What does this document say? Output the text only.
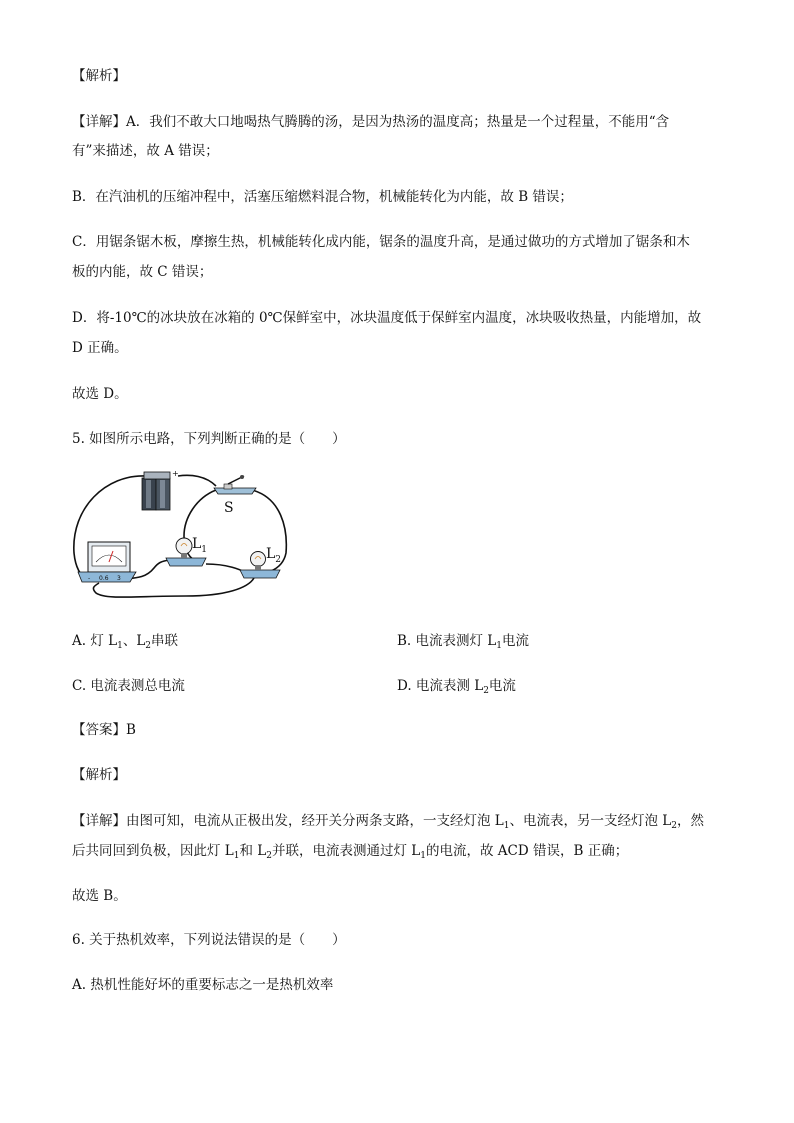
【解析】
【详解】A．我们不敢大口地喝热气腾腾的汤，是因为热汤的温度高；热量是一个过程量，不能用“含
有”来描述，故 A 错误；
B．在汽油机的压缩冲程中，活塞压缩燃料混合物，机械能转化为内能，故 B 错误；
C．用锯条锯木板，摩擦生热，机械能转化成内能，锯条的温度升高，是通过做功的方式增加了锯条和木
板的内能，故 C 错误；
D．将-10℃的冰块放在冰箱的 0℃保鲜室中，冰块温度低于保鲜室内温度，冰块吸收热量，内能增加，故
D 正确。
故选 D。
5. 如图所示电路，下列判断正确的是（　　）
+
S
- 0.6 3
$L_1$	$L_2$
A. 灯 $L_1$、$L_2$串联	B. 电流表测灯 $L_1$电流
C. 电流表测总电流	D. 电流表测 $L_2$电流
【答案】B
【解析】
【详解】由图可知，电流从正极出发，经开关分两条支路，一支经灯泡 $L_1$、电流表，另一支经灯泡 $L_2$，然
后共同回到负极，因此灯 $L_1$和 $L_2$并联，电流表测通过灯 $L_1$的电流，故 ACD 错误，B 正确；
故选 B。
6. 关于热机效率，下列说法错误的是（　　）
A. 热机性能好坏的重要标志之一是热机效率
